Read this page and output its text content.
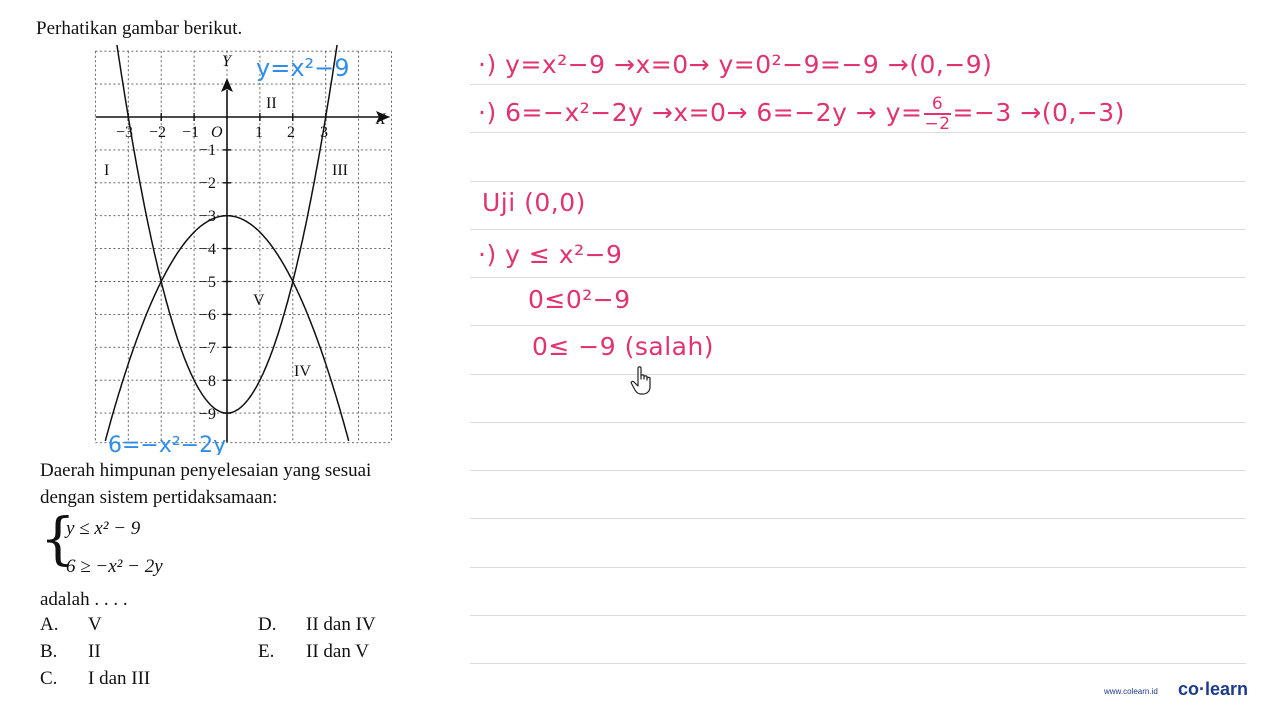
Perhatikan gambar berikut.
Y
X
O
−3 −2 −1	1 2 3
−1
−2
−3
−4
−5
−6
−7
−8
−9
I
II
III
IV
V
y=x²−9
6=−x²−2y
Daerah himpunan penyelesaian yang sesuai
dengan sistem pertidaksamaan:
{
y ≤ x² − 9
6 ≥ −x² − 2y
adalah . . . .
A. V
B. II
C. I dan III
D. II dan IV
E. II dan V
·) y=x²−9 →x=0→ y=0²−9=−9 →(0,−9)
·) $6=-x^2-2y \to x=0\to 6=-2y \to y= \frac{6}{-2} =-3 \to(0,-3)$
Uji (0,0)
·) y ≤ x²−9
0≤0²−9
0≤ −9 (salah)
www.colearn.id co·learn
